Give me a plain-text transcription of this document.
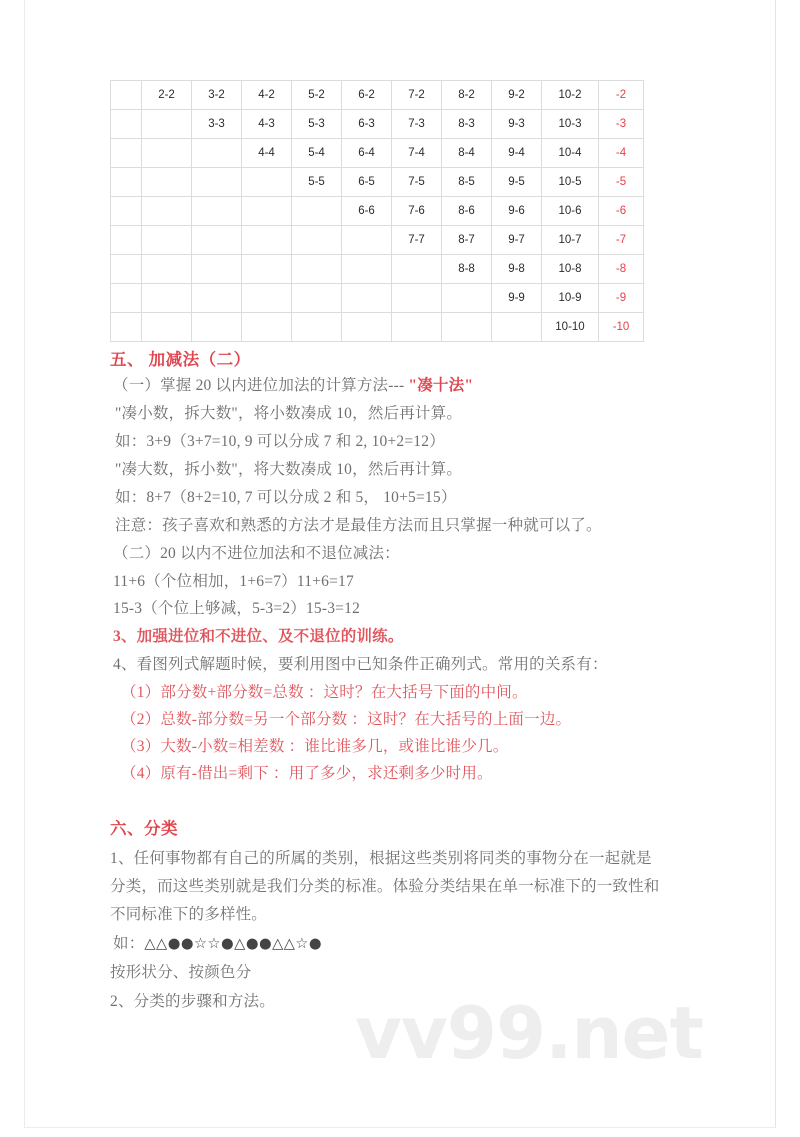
	2-2	3-2	4-2	5-2	6-2	7-2	8-2	9-2	10-2	-2
		3-3	4-3	5-3	6-3	7-3	8-3	9-3	10-3	-3
			4-4	5-4	6-4	7-4	8-4	9-4	10-4	-4
				5-5	6-5	7-5	8-5	9-5	10-5	-5
					6-6	7-6	8-6	9-6	10-6	-6
						7-7	8-7	9-7	10-7	-7
							8-8	9-8	10-8	-8
								9-9	10-9	-9
									10-10	-10
五、 加减法（二）
（一）掌握 20 以内进位加法的计算方法--- "凑十法"
"凑小数，拆大数"，将小数凑成 10，然后再计算。
如：3+9（3+7=10, 9 可以分成 7 和 2, 10+2=12）
"凑大数，拆小数"，将大数凑成 10，然后再计算。
如：8+7（8+2=10, 7 可以分成 2 和 5， 10+5=15）
注意：孩子喜欢和熟悉的方法才是最佳方法而且只掌握一种就可以了。
（二）20 以内不进位加法和不退位减法：
11+6（个位相加，1+6=7）11+6=17
15-3（个位上够减，5-3=2）15-3=12
3、加强进位和不进位、及不退位的训练。
4、看图列式解题时候，要利用图中已知条件正确列式。常用的关系有：
（1）部分数+部分数=总数 ：这时？在大括号下面的中间。
（2）总数-部分数=另一个部分数 ：这时？在大括号的上面一边。
（3）大数-小数=相差数 ：谁比谁多几，或谁比谁少几。
（4）原有-借出=剩下 ：用了多少，求还剩多少时用。
六、分类
1、任何事物都有自己的所属的类别，根据这些类别将同类的事物分在一起就是
分类，而这些类别就是我们分类的标准。体验分类结果在单一标准下的一致性和
不同标准下的多样性。
如：△△●●☆☆●△●●△△☆●
按形状分、按颜色分
2、分类的步骤和方法。 vv99.net
